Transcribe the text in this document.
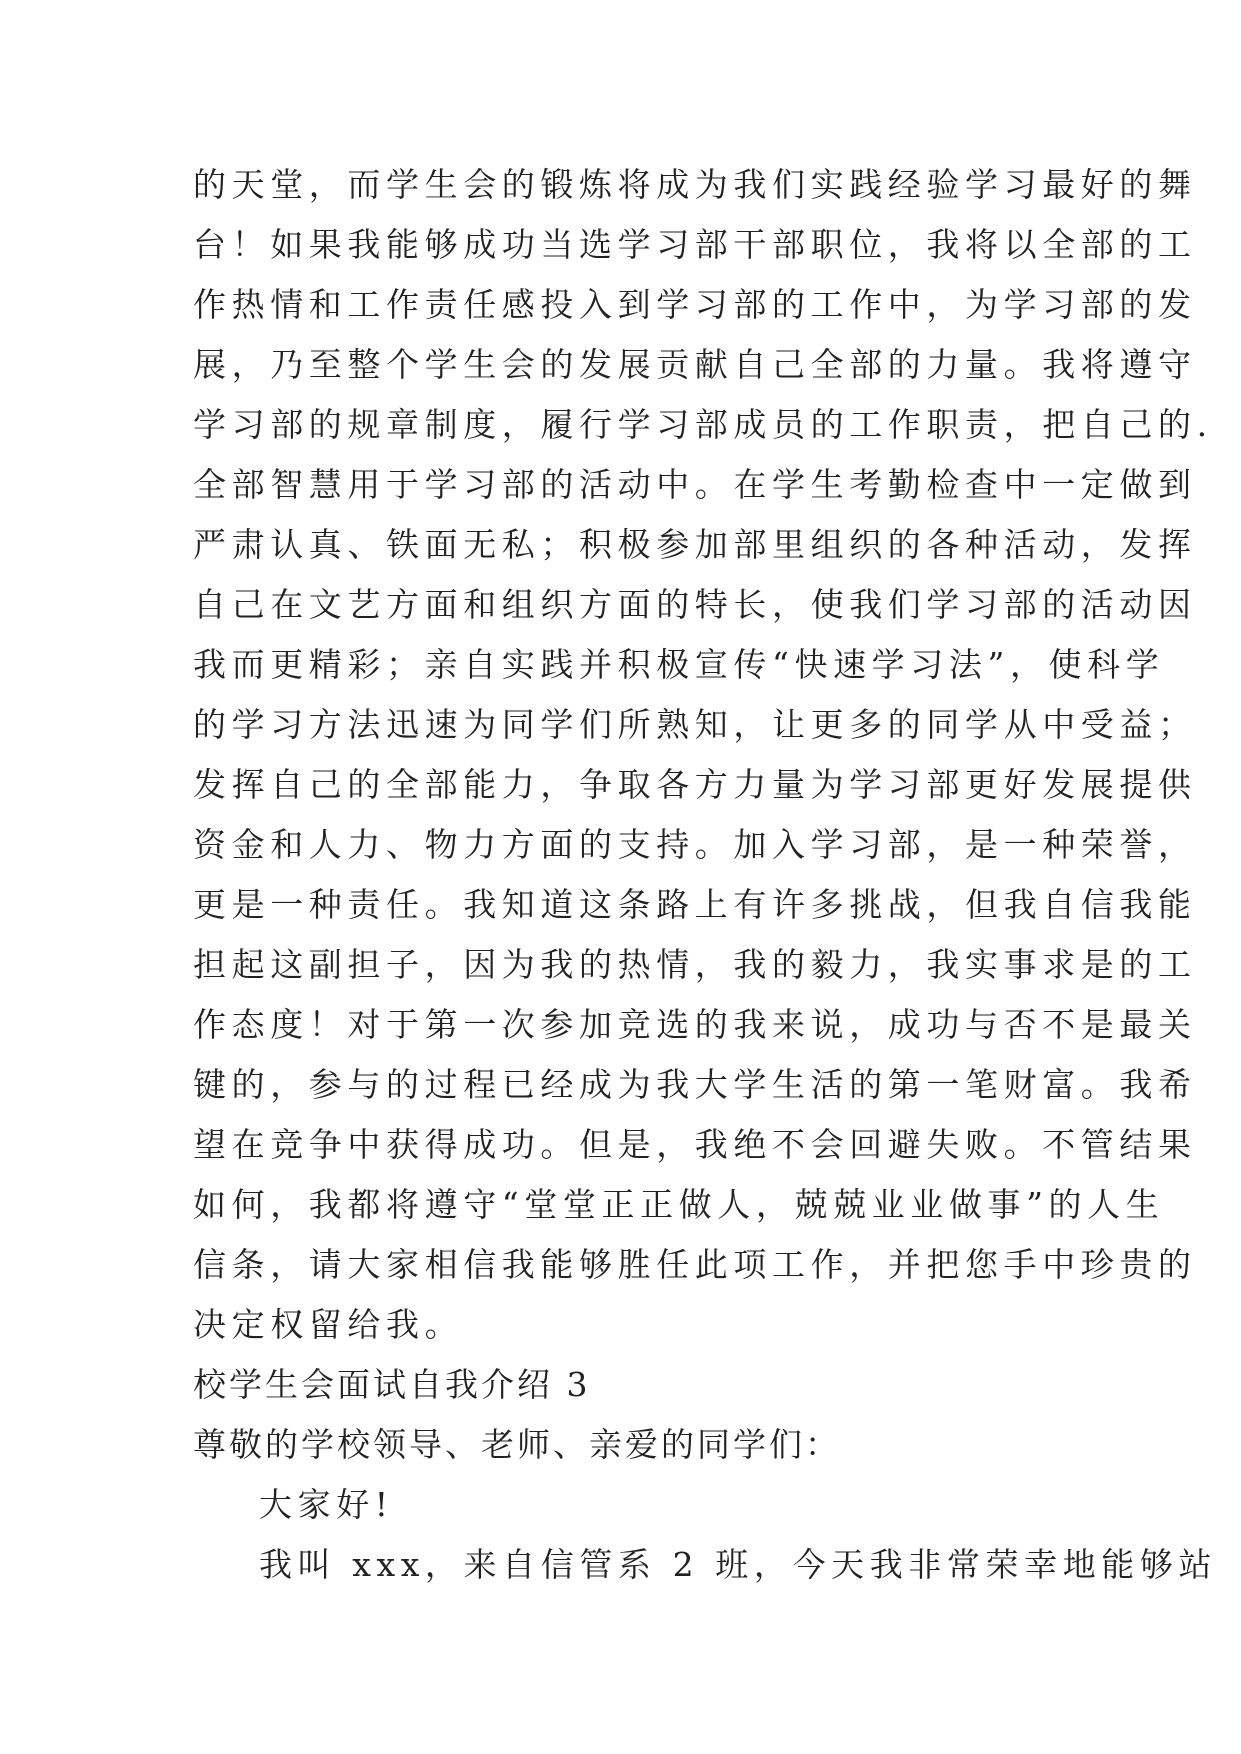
的天堂，而学生会的锻炼将成为我们实践经验学习最好的舞
台！如果我能够成功当选学习部干部职位，我将以全部的工
作热情和工作责任感投入到学习部的工作中，为学习部的发
展，乃至整个学生会的发展贡献自己全部的力量。我将遵守
学习部的规章制度，履行学习部成员的工作职责，把自己的.
全部智慧用于学习部的活动中。在学生考勤检查中一定做到
严肃认真、铁面无私；积极参加部里组织的各种活动，发挥
自己在文艺方面和组织方面的特长，使我们学习部的活动因
我而更精彩；亲自实践并积极宣传“快速学习法”，使科学
的学习方法迅速为同学们所熟知，让更多的同学从中受益；
发挥自己的全部能力，争取各方力量为学习部更好发展提供
资金和人力、物力方面的支持。加入学习部，是一种荣誉，
更是一种责任。我知道这条路上有许多挑战，但我自信我能
担起这副担子，因为我的热情，我的毅力，我实事求是的工
作态度！对于第一次参加竞选的我来说，成功与否不是最关
键的，参与的过程已经成为我大学生活的第一笔财富。我希
望在竞争中获得成功。但是，我绝不会回避失败。不管结果
如何，我都将遵守“堂堂正正做人，兢兢业业做事”的人生
信条，请大家相信我能够胜任此项工作，并把您手中珍贵的
决定权留给我。
校学生会面试自我介绍 3
尊敬的学校领导、老师、亲爱的同学们：
大家好!
我叫 xxx，来自信管系 2 班，今天我非常荣幸地能够站
